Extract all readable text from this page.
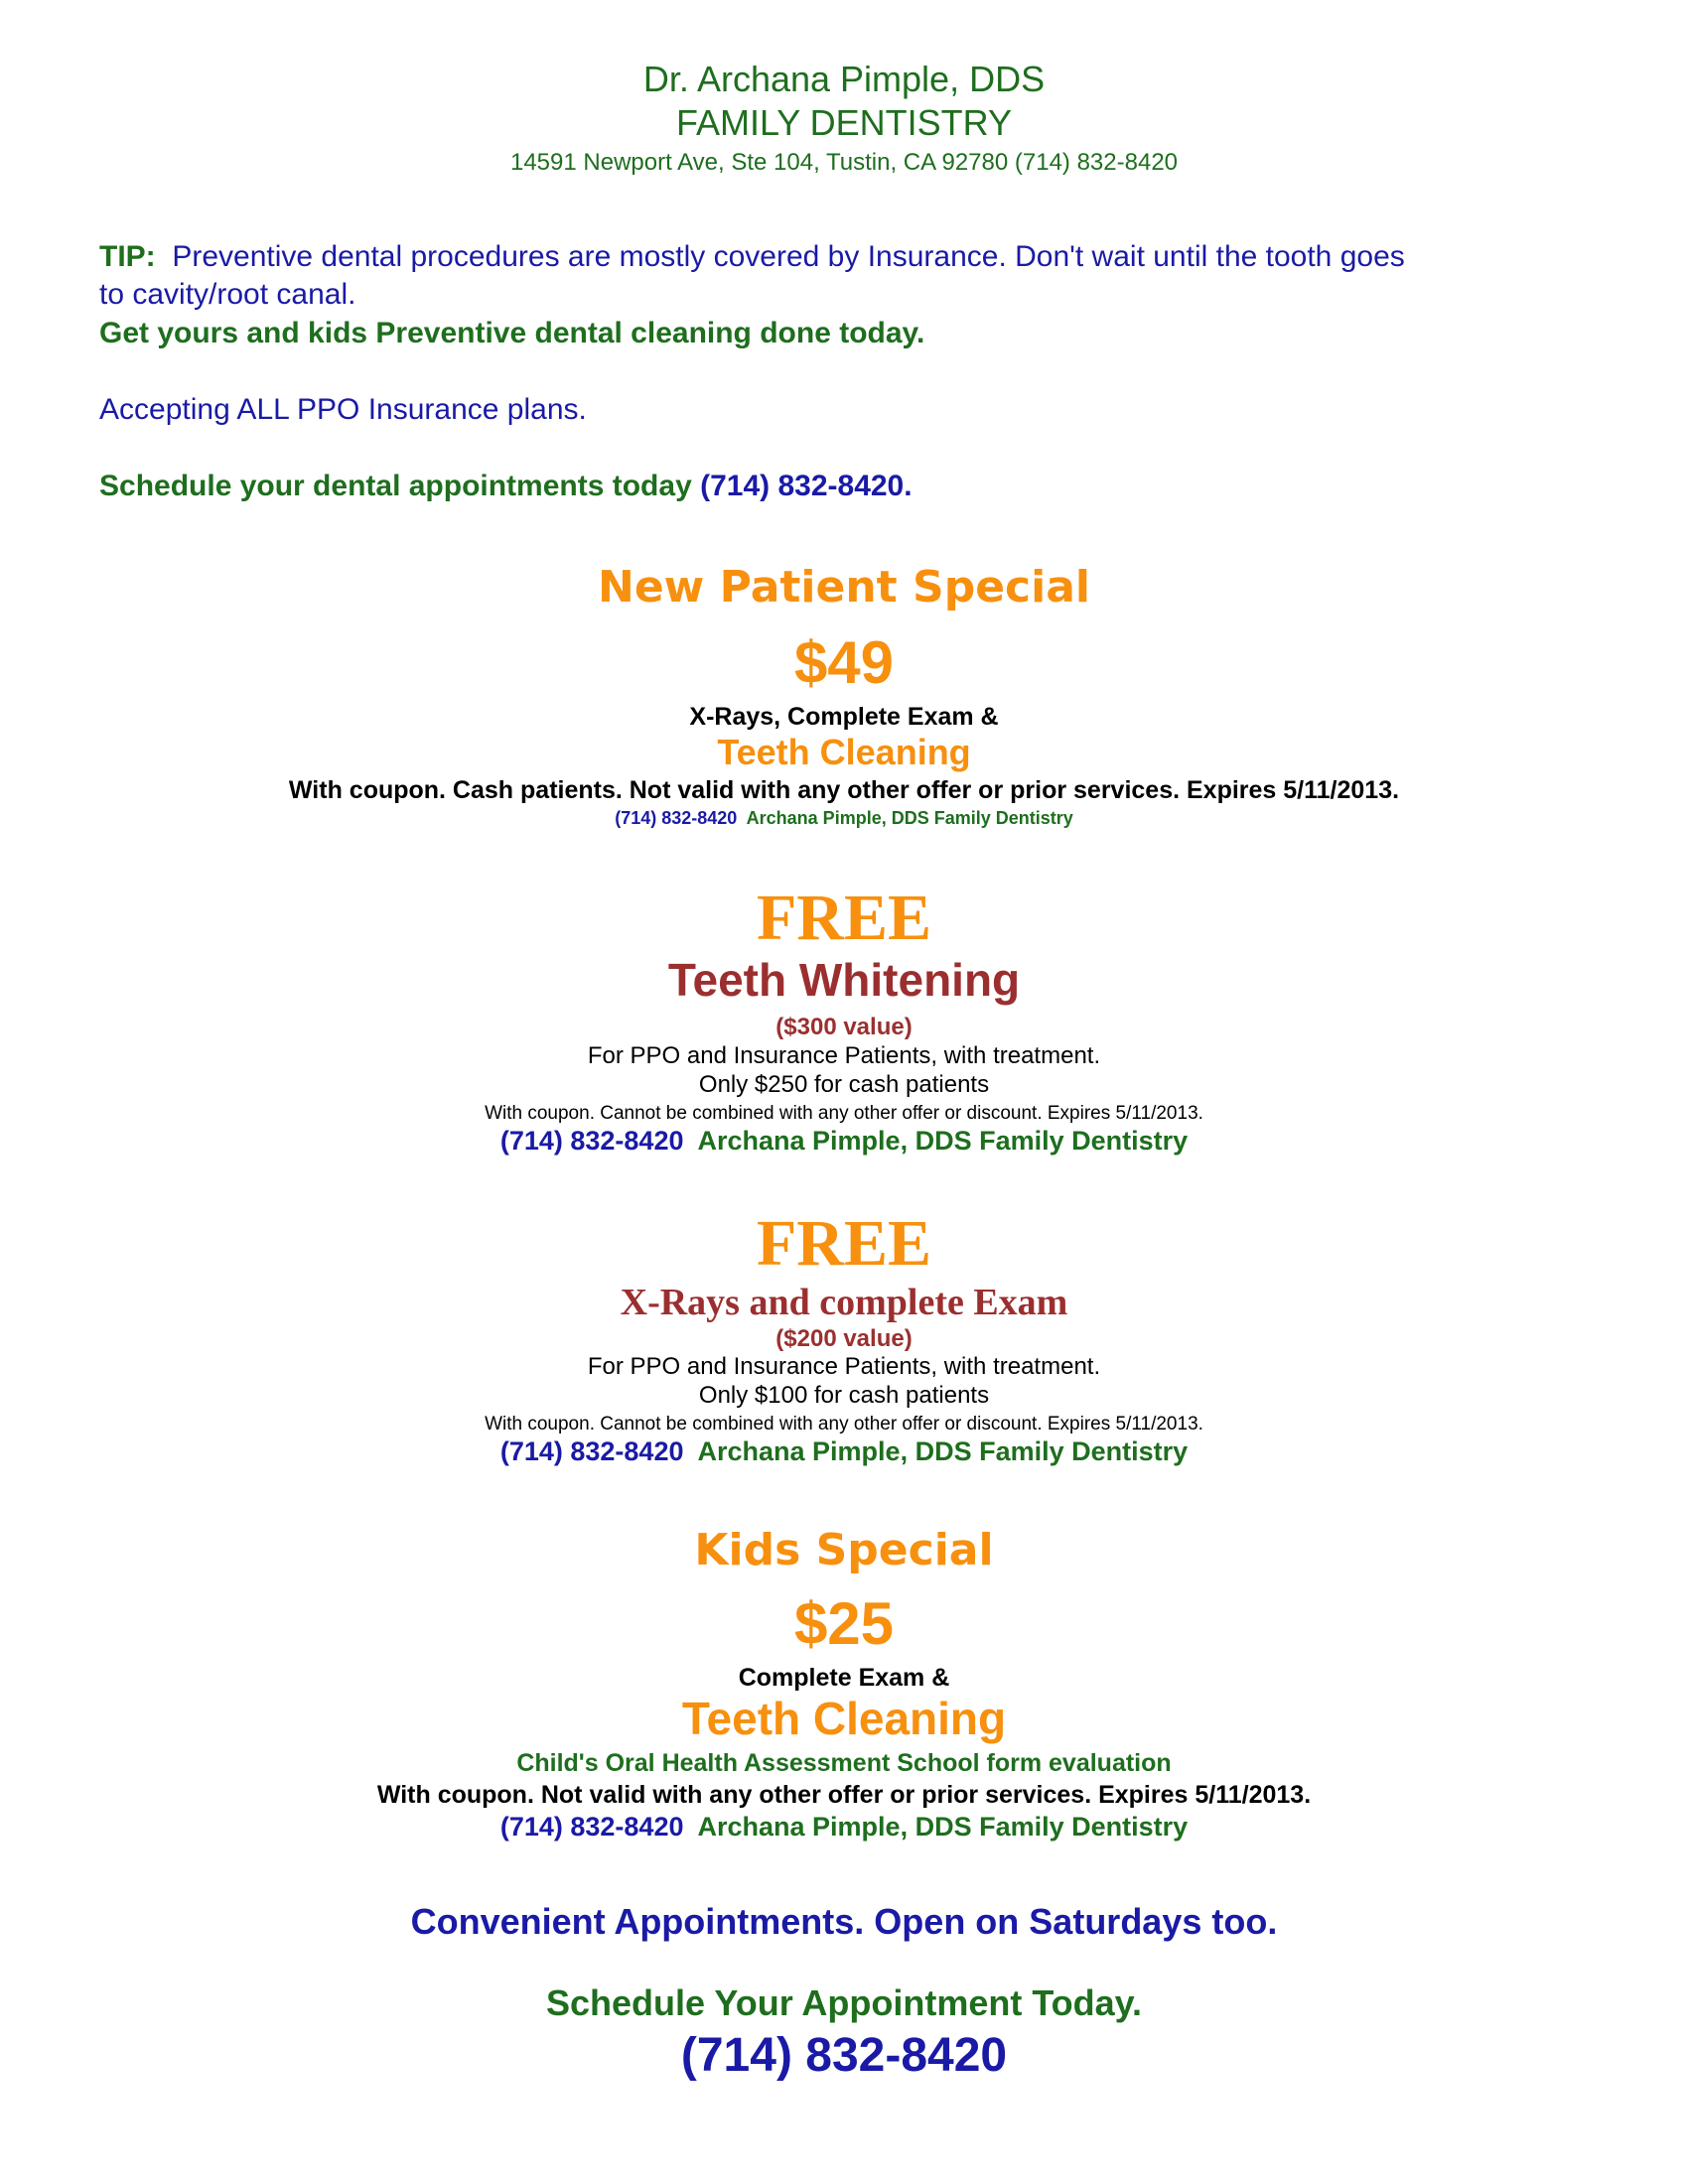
Dr. Archana Pimple, DDS
FAMILY DENTISTRY
14591 Newport Ave, Ste 104, Tustin, CA 92780 (714) 832-8420
TIP: Preventive dental procedures are mostly covered by Insurance. Don't wait until the tooth goes
to cavity/root canal.
Get yours and kids Preventive dental cleaning done today.
Accepting ALL PPO Insurance plans.
Schedule your dental appointments today (714) 832-8420.
New Patient Special
$49
X-Rays, Complete Exam &
Teeth Cleaning
With coupon. Cash patients. Not valid with any other offer or prior services. Expires 5/11/2013.
(714) 832-8420 Archana Pimple, DDS Family Dentistry
FREE
Teeth Whitening
($300 value)
For PPO and Insurance Patients, with treatment.
Only $250 for cash patients
With coupon. Cannot be combined with any other offer or discount. Expires 5/11/2013.
(714) 832-8420 Archana Pimple, DDS Family Dentistry
FREE
X-Rays and complete Exam
($200 value)
For PPO and Insurance Patients, with treatment.
Only $100 for cash patients
With coupon. Cannot be combined with any other offer or discount. Expires 5/11/2013.
(714) 832-8420 Archana Pimple, DDS Family Dentistry
Kids Special
$25
Complete Exam &
Teeth Cleaning
Child's Oral Health Assessment School form evaluation
With coupon. Not valid with any other offer or prior services. Expires 5/11/2013.
(714) 832-8420 Archana Pimple, DDS Family Dentistry
Convenient Appointments. Open on Saturdays too.
Schedule Your Appointment Today.
(714) 832-8420
